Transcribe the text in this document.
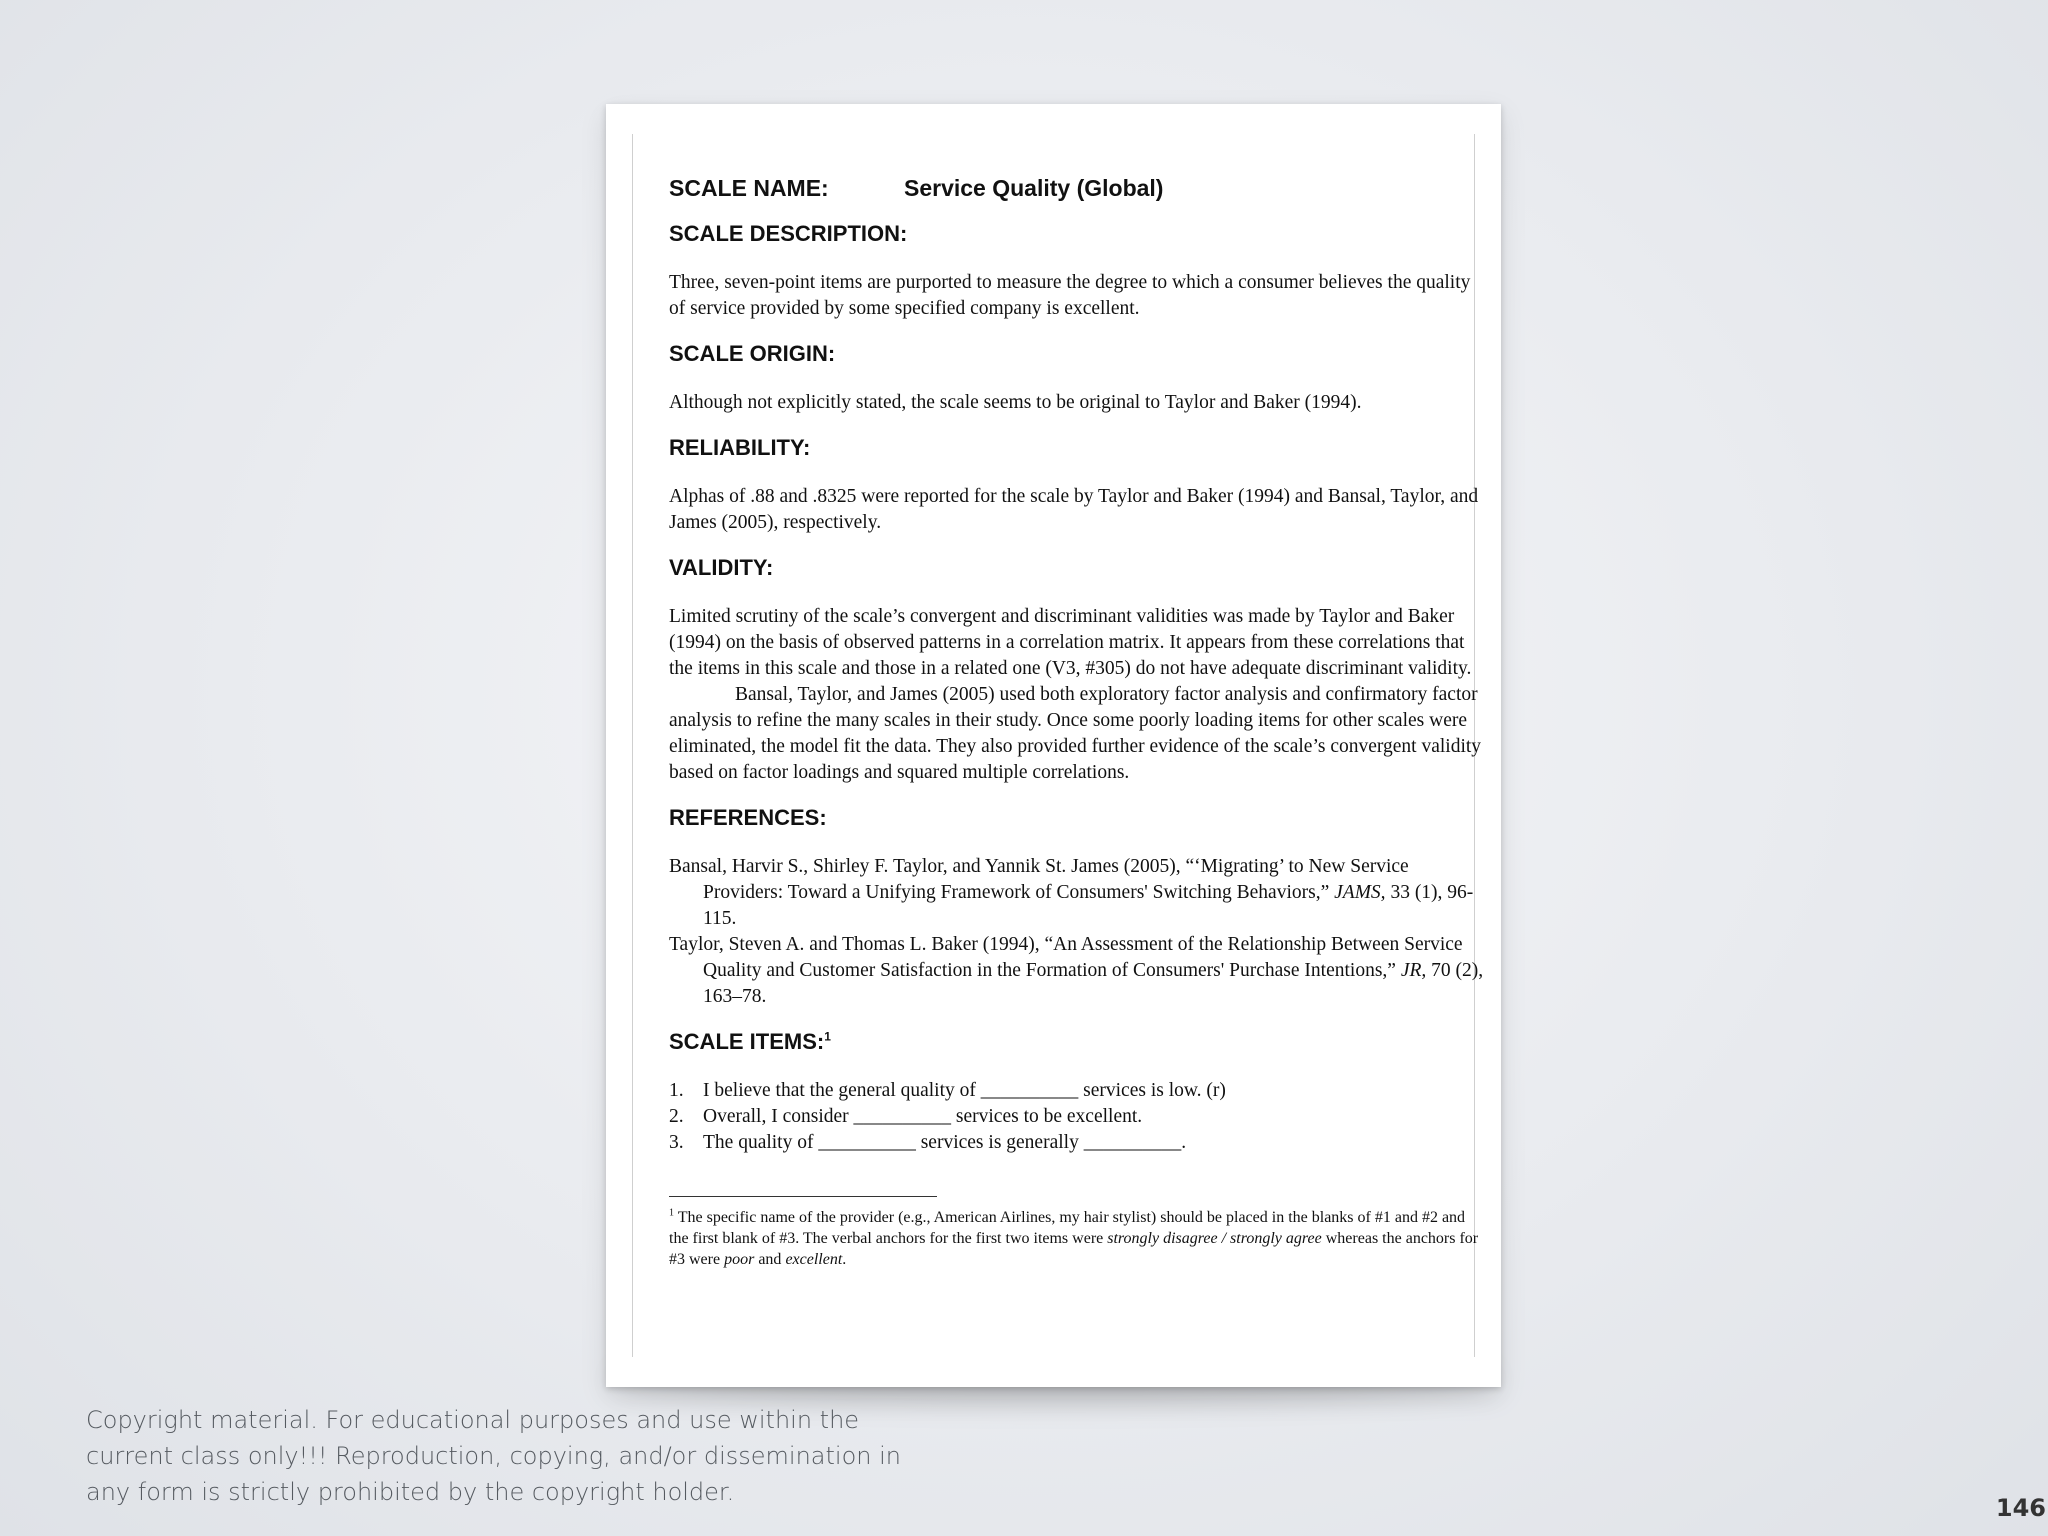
SCALE NAME:	Service Quality (Global)
SCALE DESCRIPTION:

Three, seven-point items are purported to measure the degree to which a consumer believes the quality of service provided by some specified company is excellent.

SCALE ORIGIN:

Although not explicitly stated, the scale seems to be original to Taylor and Baker (1994).

RELIABILITY:

Alphas of .88 and .8325 were reported for the scale by Taylor and Baker (1994) and Bansal, Taylor, and James (2005), respectively.

VALIDITY:

Limited scrutiny of the scale’s convergent and discriminant validities was made by Taylor and Baker (1994) on the basis of observed patterns in a correlation matrix. It appears from these correlations that the items in this scale and those in a related one (V3, #305) do not have adequate discriminant validity.

Bansal, Taylor, and James (2005) used both exploratory factor analysis and confirmatory factor analysis to refine the many scales in their study. Once some poorly loading items for other scales were eliminated, the model fit the data. They also provided further evidence of the scale’s convergent validity based on factor loadings and squared multiple correlations.

REFERENCES:

Bansal, Harvir S., Shirley F. Taylor, and Yannik St. James (2005), “‘Migrating’ to New Service Providers: Toward a Unifying Framework of Consumers' Switching Behaviors,” JAMS, 33 (1), 96-115.

Taylor, Steven A. and Thomas L. Baker (1994), “An Assessment of the Relationship Between Service Quality and Customer Satisfaction in the Formation of Consumers' Purchase Intentions,” JR, 70 (2), 163–78.

SCALE ITEMS:$^1$
1. I believe that the general quality of __________ services is low. (r)
2. Overall, I consider __________ services to be excellent.
3. The quality of __________ services is generally __________.

$^1$ The specific name of the provider (e.g., American Airlines, my hair stylist) should be placed in the blanks of #1 and #2 and the first blank of #3. The verbal anchors for the first two items were strongly disagree / strongly agree whereas the anchors for #3 were poor and excellent.

Copyright material. For educational purposes and use within the current class only!!! Reproduction, copying, and/or dissemination in any form is strictly prohibited by the copyright holder.
146
